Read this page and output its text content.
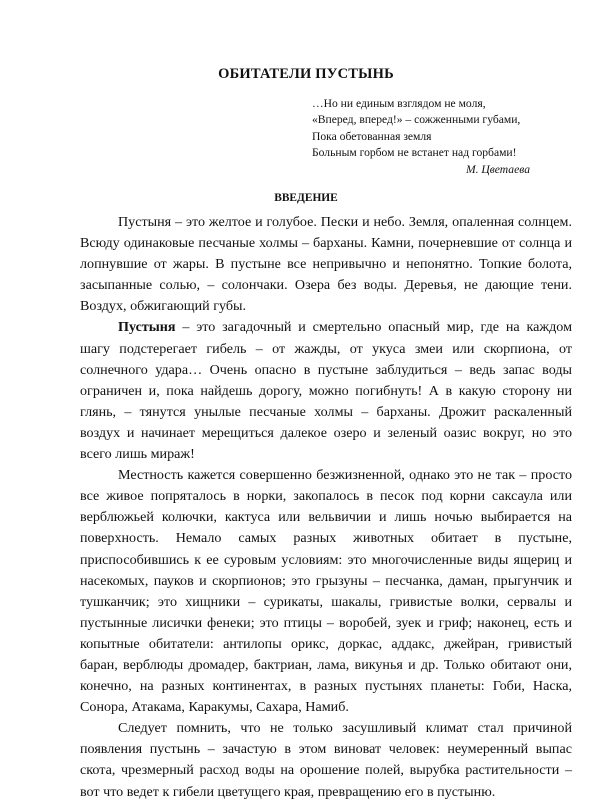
ОБИТАТЕЛИ ПУСТЫНЬ
…Но ни единым взглядом не моля,
«Вперед, вперед!» – сожженными губами,
Пока обетованная земля
Больным горбом не встанет над горбами!
М. Цветаева
ВВЕДЕНИЕ

Пустыня – это желтое и голубое. Пески и небо. Земля, опаленная солнцем. Всюду одинаковые песчаные холмы – барханы. Камни, почерневшие от солнца и лопнувшие от жары. В пустыне все непривычно и непонятно. Топкие болота, засыпанные солью, – солончаки. Озера без воды. Деревья, не дающие тени. Воздух, обжигающий губы.

Пустыня – это загадочный и смертельно опасный мир, где на каждом шагу подстерегает гибель – от жажды, от укуса змеи или скорпиона, от солнечного удара… Очень опасно в пустыне заблудиться – ведь запас воды ограничен и, пока найдешь дорогу, можно погибнуть! А в какую сторону ни глянь, – тянутся унылые песчаные холмы – барханы. Дрожит раскаленный воздух и начинает мерещиться далекое озеро и зеленый оазис вокруг, но это всего лишь мираж!

Местность кажется совершенно безжизненной, однако это не так – просто все живое попряталось в норки, закопалось в песок под корни саксаула или верблюжьей колючки, кактуса или вельвичии и лишь ночью выбирается на поверхность. Немало самых разных животных обитает в пустыне, приспособившись к ее суровым условиям: это многочисленные виды ящериц и насекомых, пауков и скорпионов; это грызуны – песчанка, даман, прыгунчик и тушканчик; это хищники – сурикаты, шакалы, гривистые волки, сервалы и пустынные лисички фенеки; это птицы – воробей, зуек и гриф; наконец, есть и копытные обитатели: антилопы орикс, доркас, аддакс, джейран, гривистый баран, верблюды дромадер, бактриан, лама, викунья и др. Только обитают они, конечно, на разных континентах, в разных пустынях планеты: Гоби, Наска, Сонора, Атакама, Каракумы, Сахара, Намиб.

Следует помнить, что не только засушливый климат стал причиной появления пустынь – зачастую в этом виноват человек: неумеренный выпас скота, чрезмерный расход воды на орошение полей, вырубка растительности – вот что ведет к гибели цветущего края, превращению его в пустыню.
